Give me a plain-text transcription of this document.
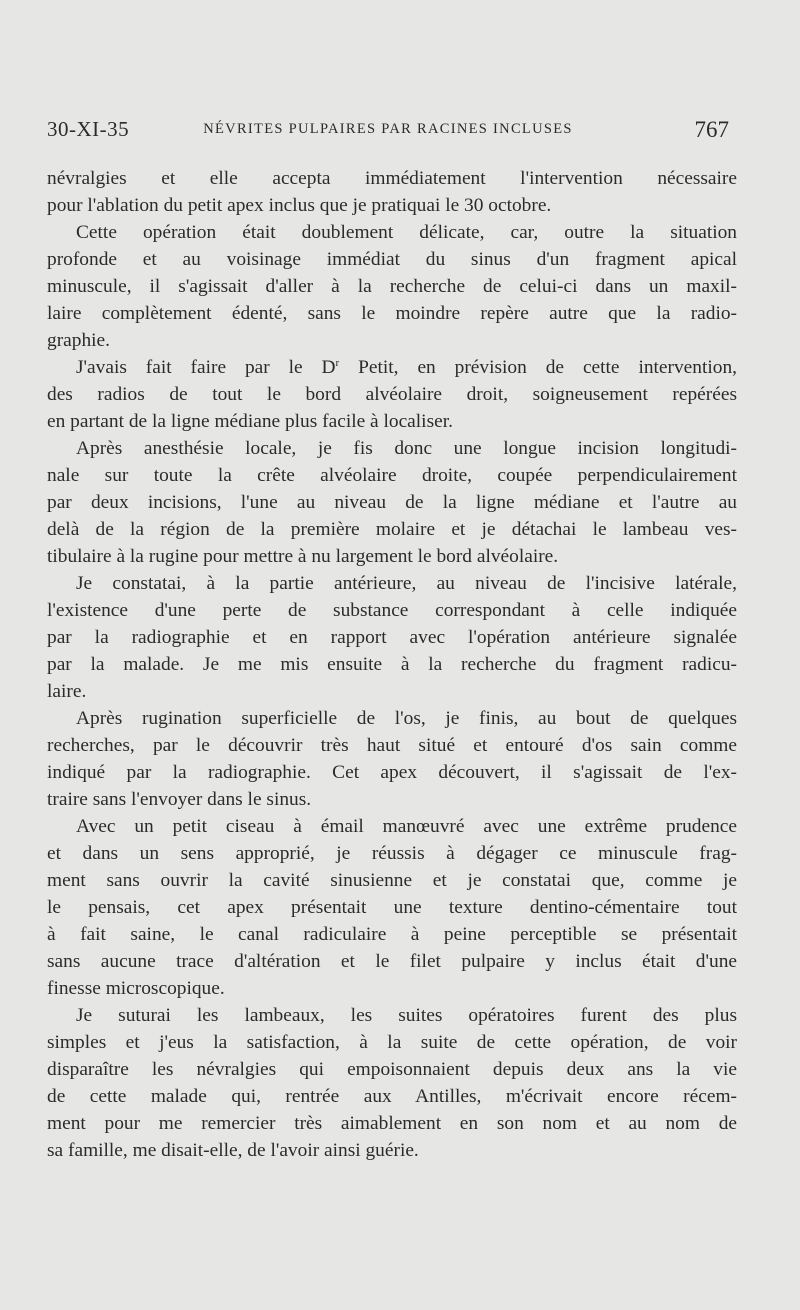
30-XI-35	NÉVRITES PULPAIRES PAR RACINES INCLUSES	767

névralgies et elle accepta immédiatement l'intervention nécessaire
pour l'ablation du petit apex inclus que je pratiquai le 30 octobre.

Cette opération était doublement délicate, car, outre la situation
profonde et au voisinage immédiat du sinus d'un fragment apical
minuscule, il s'agissait d'aller à la recherche de celui-ci dans un maxil-
laire complètement édenté, sans le moindre repère autre que la radio-
graphie.

J'avais fait faire par le $D^r$ Petit, en prévision de cette intervention,
des radios de tout le bord alvéolaire droit, soigneusement repérées
en partant de la ligne médiane plus facile à localiser.

Après anesthésie locale, je fis donc une longue incision longitudi-
nale sur toute la crête alvéolaire droite, coupée perpendiculairement
par deux incisions, l'une au niveau de la ligne médiane et l'autre au
delà de la région de la première molaire et je détachai le lambeau ves-
tibulaire à la rugine pour mettre à nu largement le bord alvéolaire.

Je constatai, à la partie antérieure, au niveau de l'incisive latérale,
l'existence d'une perte de substance correspondant à celle indiquée
par la radiographie et en rapport avec l'opération antérieure signalée
par la malade. Je me mis ensuite à la recherche du fragment radicu-
laire.

Après rugination superficielle de l'os, je finis, au bout de quelques
recherches, par le découvrir très haut situé et entouré d'os sain comme
indiqué par la radiographie. Cet apex découvert, il s'agissait de l'ex-
traire sans l'envoyer dans le sinus.

Avec un petit ciseau à émail manœuvré avec une extrême prudence
et dans un sens approprié, je réussis à dégager ce minuscule frag-
ment sans ouvrir la cavité sinusienne et je constatai que, comme je
le pensais, cet apex présentait une texture dentino-cémentaire tout
à fait saine, le canal radiculaire à peine perceptible se présentait
sans aucune trace d'altération et le filet pulpaire y inclus était d'une
finesse microscopique.

Je suturai les lambeaux, les suites opératoires furent des plus
simples et j'eus la satisfaction, à la suite de cette opération, de voir
disparaître les névralgies qui empoisonnaient depuis deux ans la vie
de cette malade qui, rentrée aux Antilles, m'écrivait encore récem-
ment pour me remercier très aimablement en son nom et au nom de
sa famille, me disait-elle, de l'avoir ainsi guérie.
